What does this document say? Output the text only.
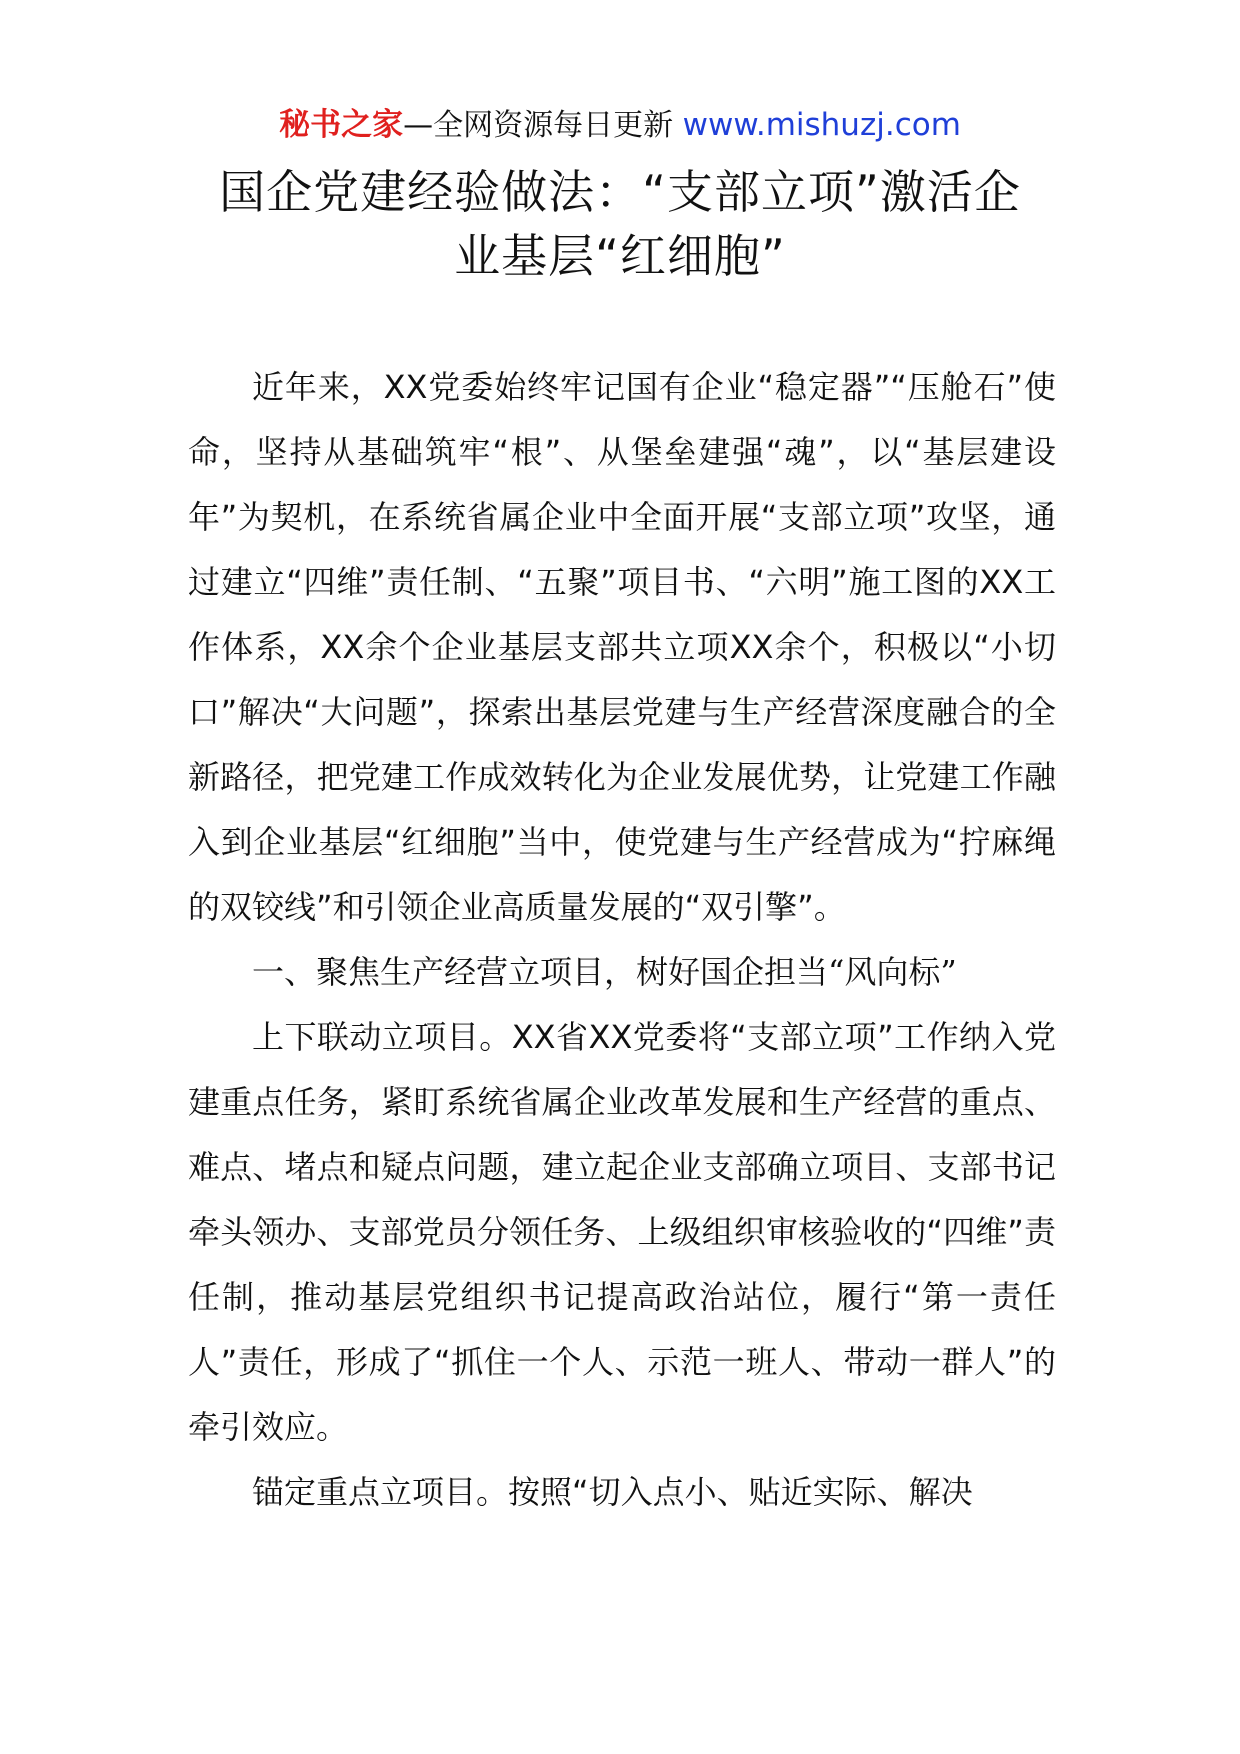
秘书之家—全网资源每日更新 www.mishuzj.com
国企党建经验做法：“支部立项”激活企
业基层“红细胞”

近年来，XX党委始终牢记国有企业“稳定器”“压舱石”使命，坚持从基础筑牢“根”、从堡垒建强“魂”，以“基层建设年”为契机，在系统省属企业中全面开展“支部立项”攻坚，通过建立“四维”责任制、“五聚”项目书、“六明”施工图的XX工作体系，XX余个企业基层支部共立项XX余个，积极以“小切口”解决“大问题”，探索出基层党建与生产经营深度融合的全新路径，把党建工作成效转化为企业发展优势，让党建工作融入到企业基层“红细胞”当中，使党建与生产经营成为“拧麻绳的双铰线”和引领企业高质量发展的“双引擎”。

一、聚焦生产经营立项目，树好国企担当“风向标”

上下联动立项目。XX省XX党委将“支部立项”工作纳入党建重点任务，紧盯系统省属企业改革发展和生产经营的重点、难点、堵点和疑点问题，建立起企业支部确立项目、支部书记牵头领办、支部党员分领任务、上级组织审核验收的“四维”责任制，推动基层党组织书记提高政治站位，履行“第一责任人”责任，形成了“抓住一个人、示范一班人、带动一群人”的牵引效应。

锚定重点立项目。按照“切入点小、贴近实际、解决
